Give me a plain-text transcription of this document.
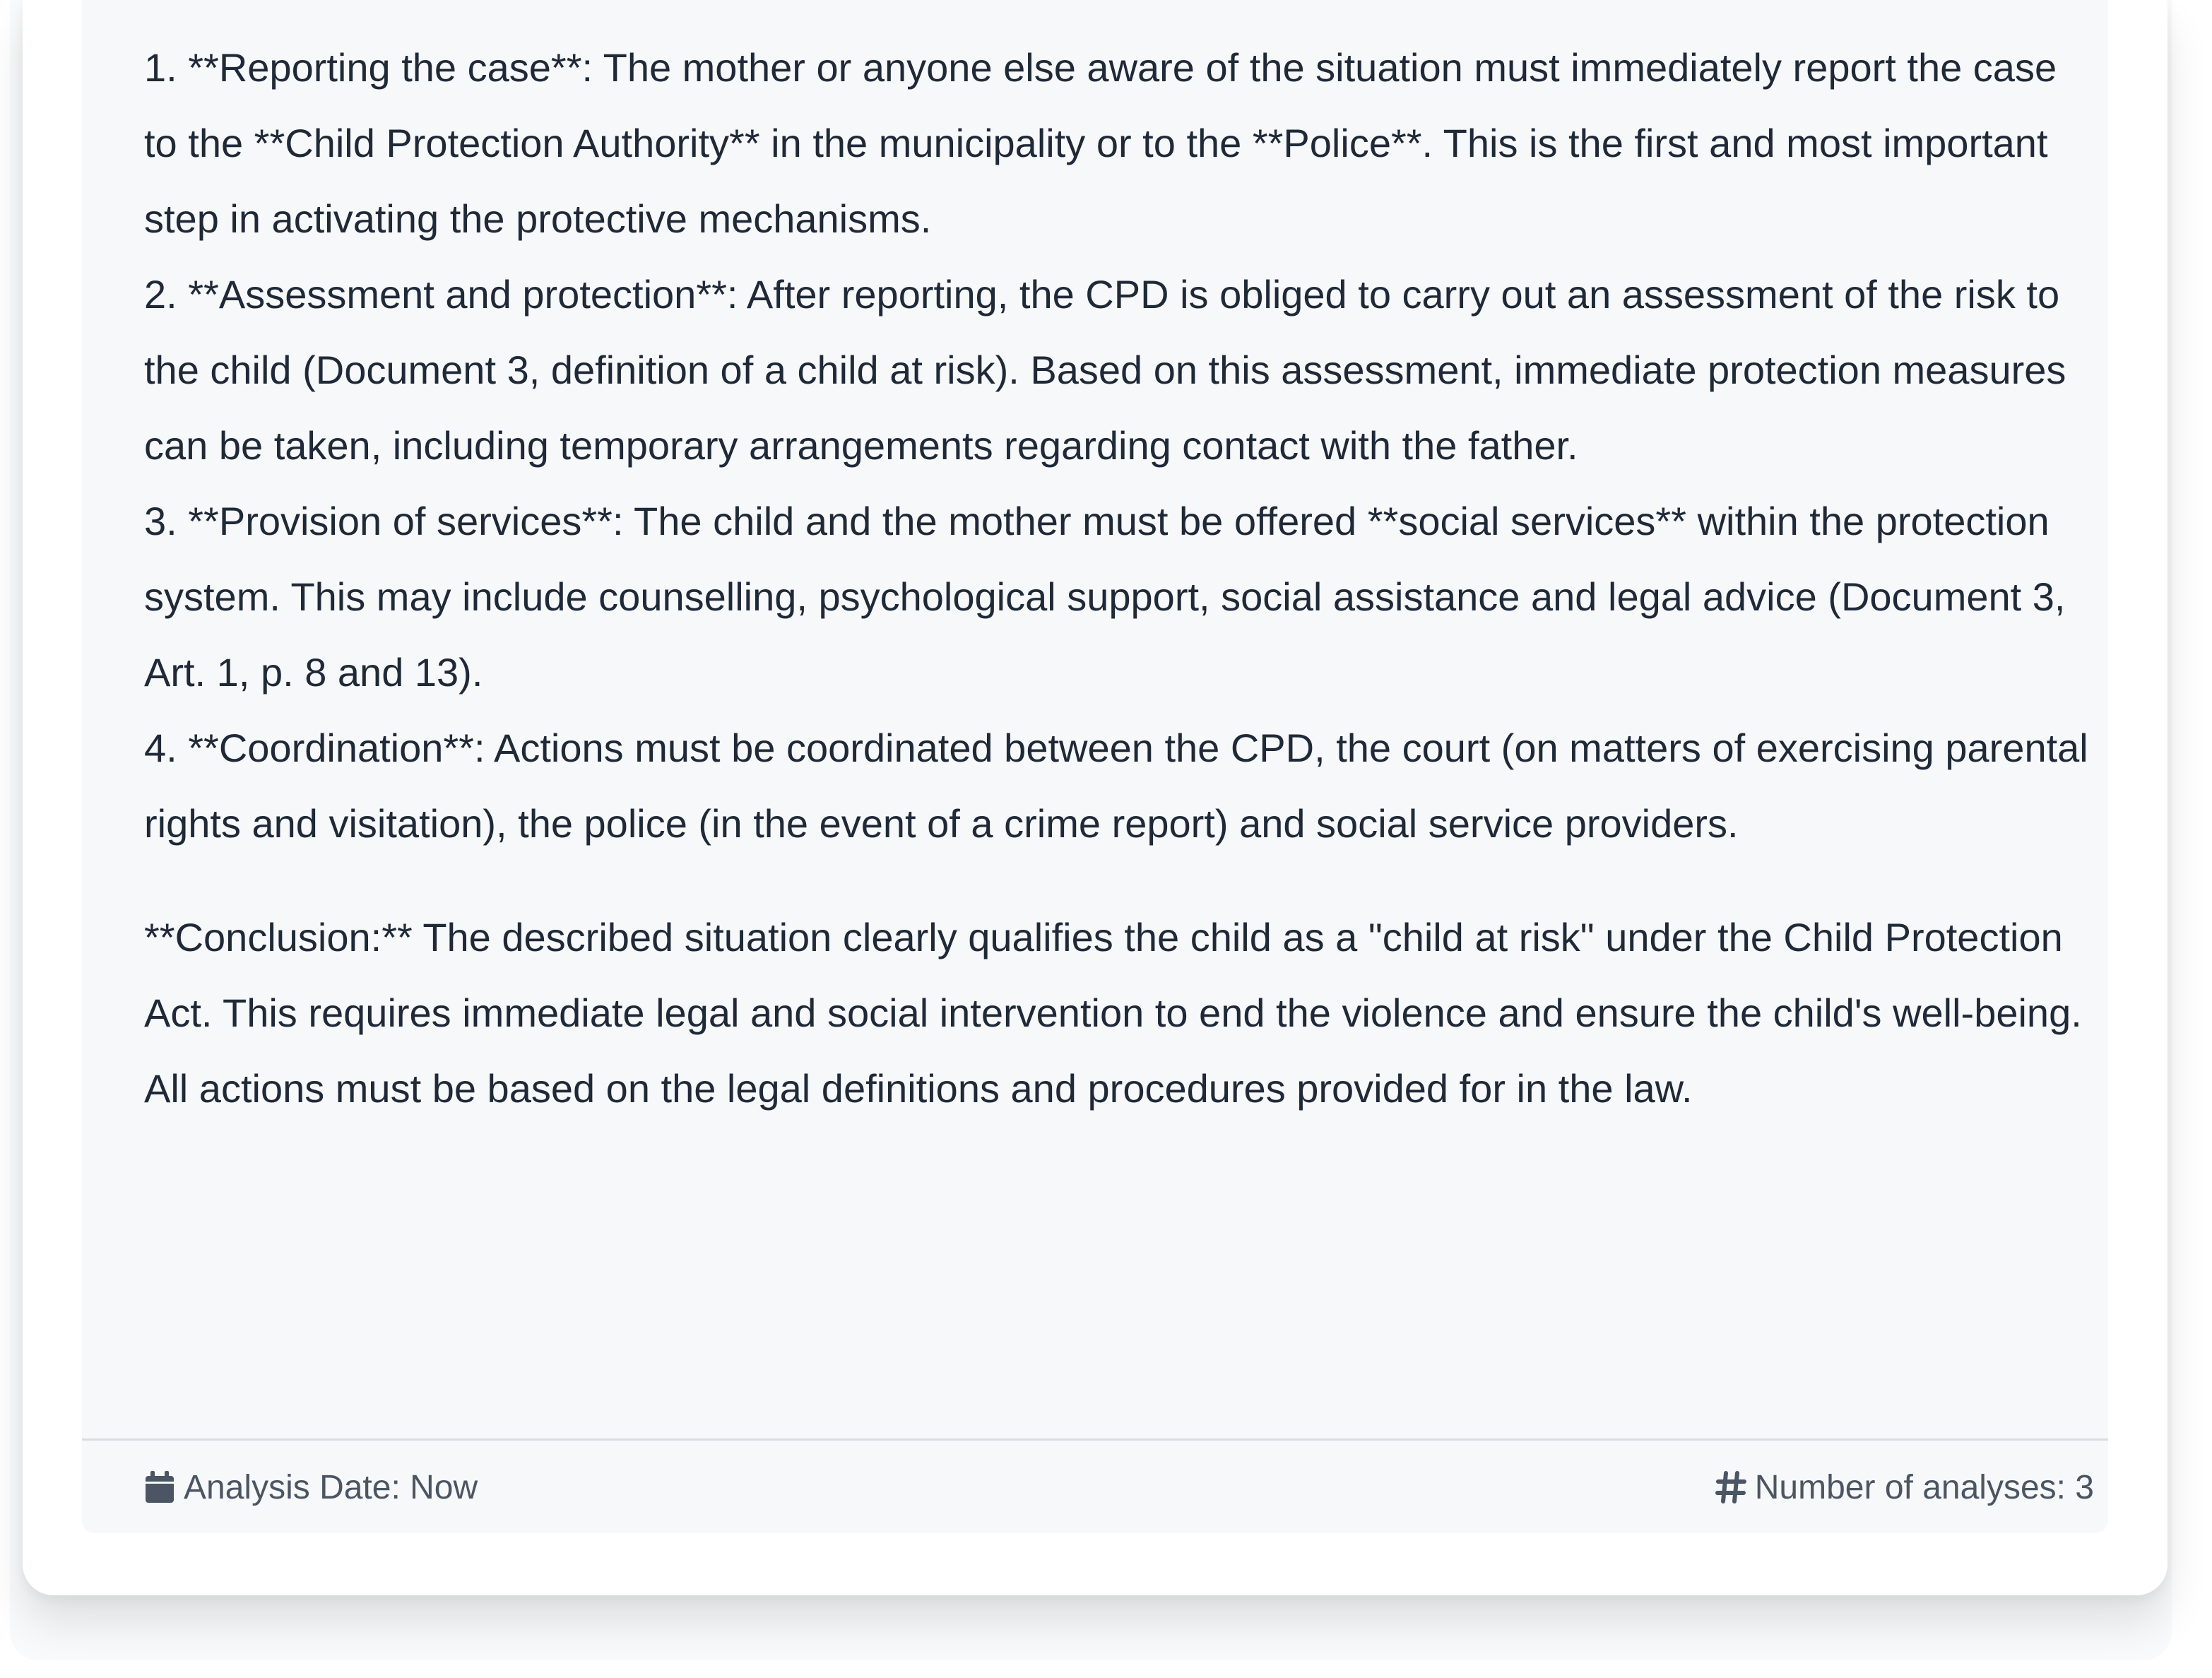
1. **Reporting the case**: The mother or anyone else aware of the situation must immediately report the case to the **Child Protection Authority** in the municipality or to the **Police**. This is the first and most important step in activating the protective mechanisms.

2. **Assessment and protection**: After reporting, the CPD is obliged to carry out an assessment of the risk to the child (Document 3, definition of a child at risk). Based on this assessment, immediate protection measures can be taken, including temporary arrangements regarding contact with the father.

3. **Provision of services**: The child and the mother must be offered **social services** within the protection system. This may include counselling, psychological support, social assistance and legal advice (Document 3, Art. 1, p. 8 and 13).

4. **Coordination**: Actions must be coordinated between the CPD, the court (on matters of exercising parental rights and visitation), the police (in the event of a crime report) and social service providers.

**Conclusion:** The described situation clearly qualifies the child as a "child at risk" under the Child Protection Act. This requires immediate legal and social intervention to end the violence and ensure the child's well-being. All actions must be based on the legal definitions and procedures provided for in the law.

Analysis Date: Now	Number of analyses: 3
